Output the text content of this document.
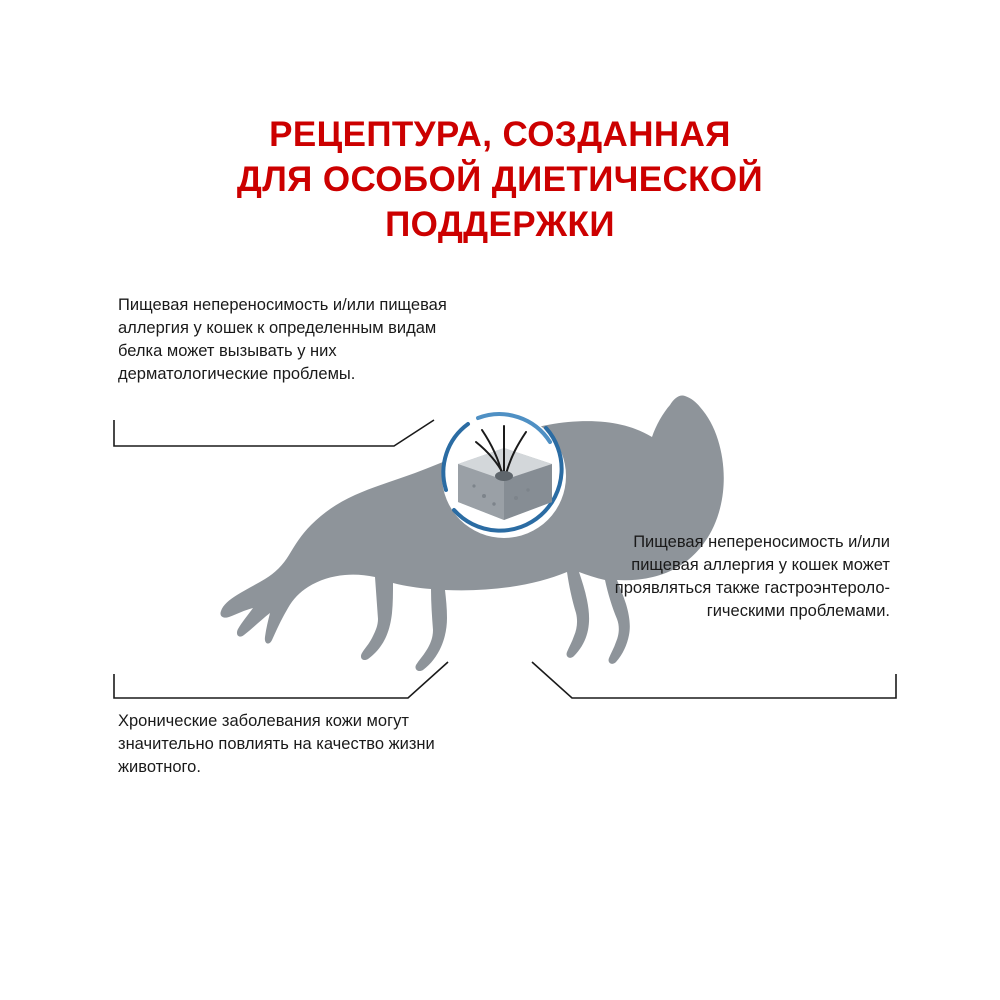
РЕЦЕПТУРА, СОЗДАННАЯ
ДЛЯ ОСОБОЙ ДИЕТИЧЕСКОЙ
ПОДДЕРЖКИ
Пищевая непереносимость и/или пищевая аллергия у кошек к определенным видам белка может вызывать у них дерматологические проблемы.
Пищевая непереносимость и/или пищевая аллергия у кошек может проявляться также гастроэнтероло-гическими проблемами.
Хронические заболевания кожи могут значительно повлиять на качество жизни животного.
